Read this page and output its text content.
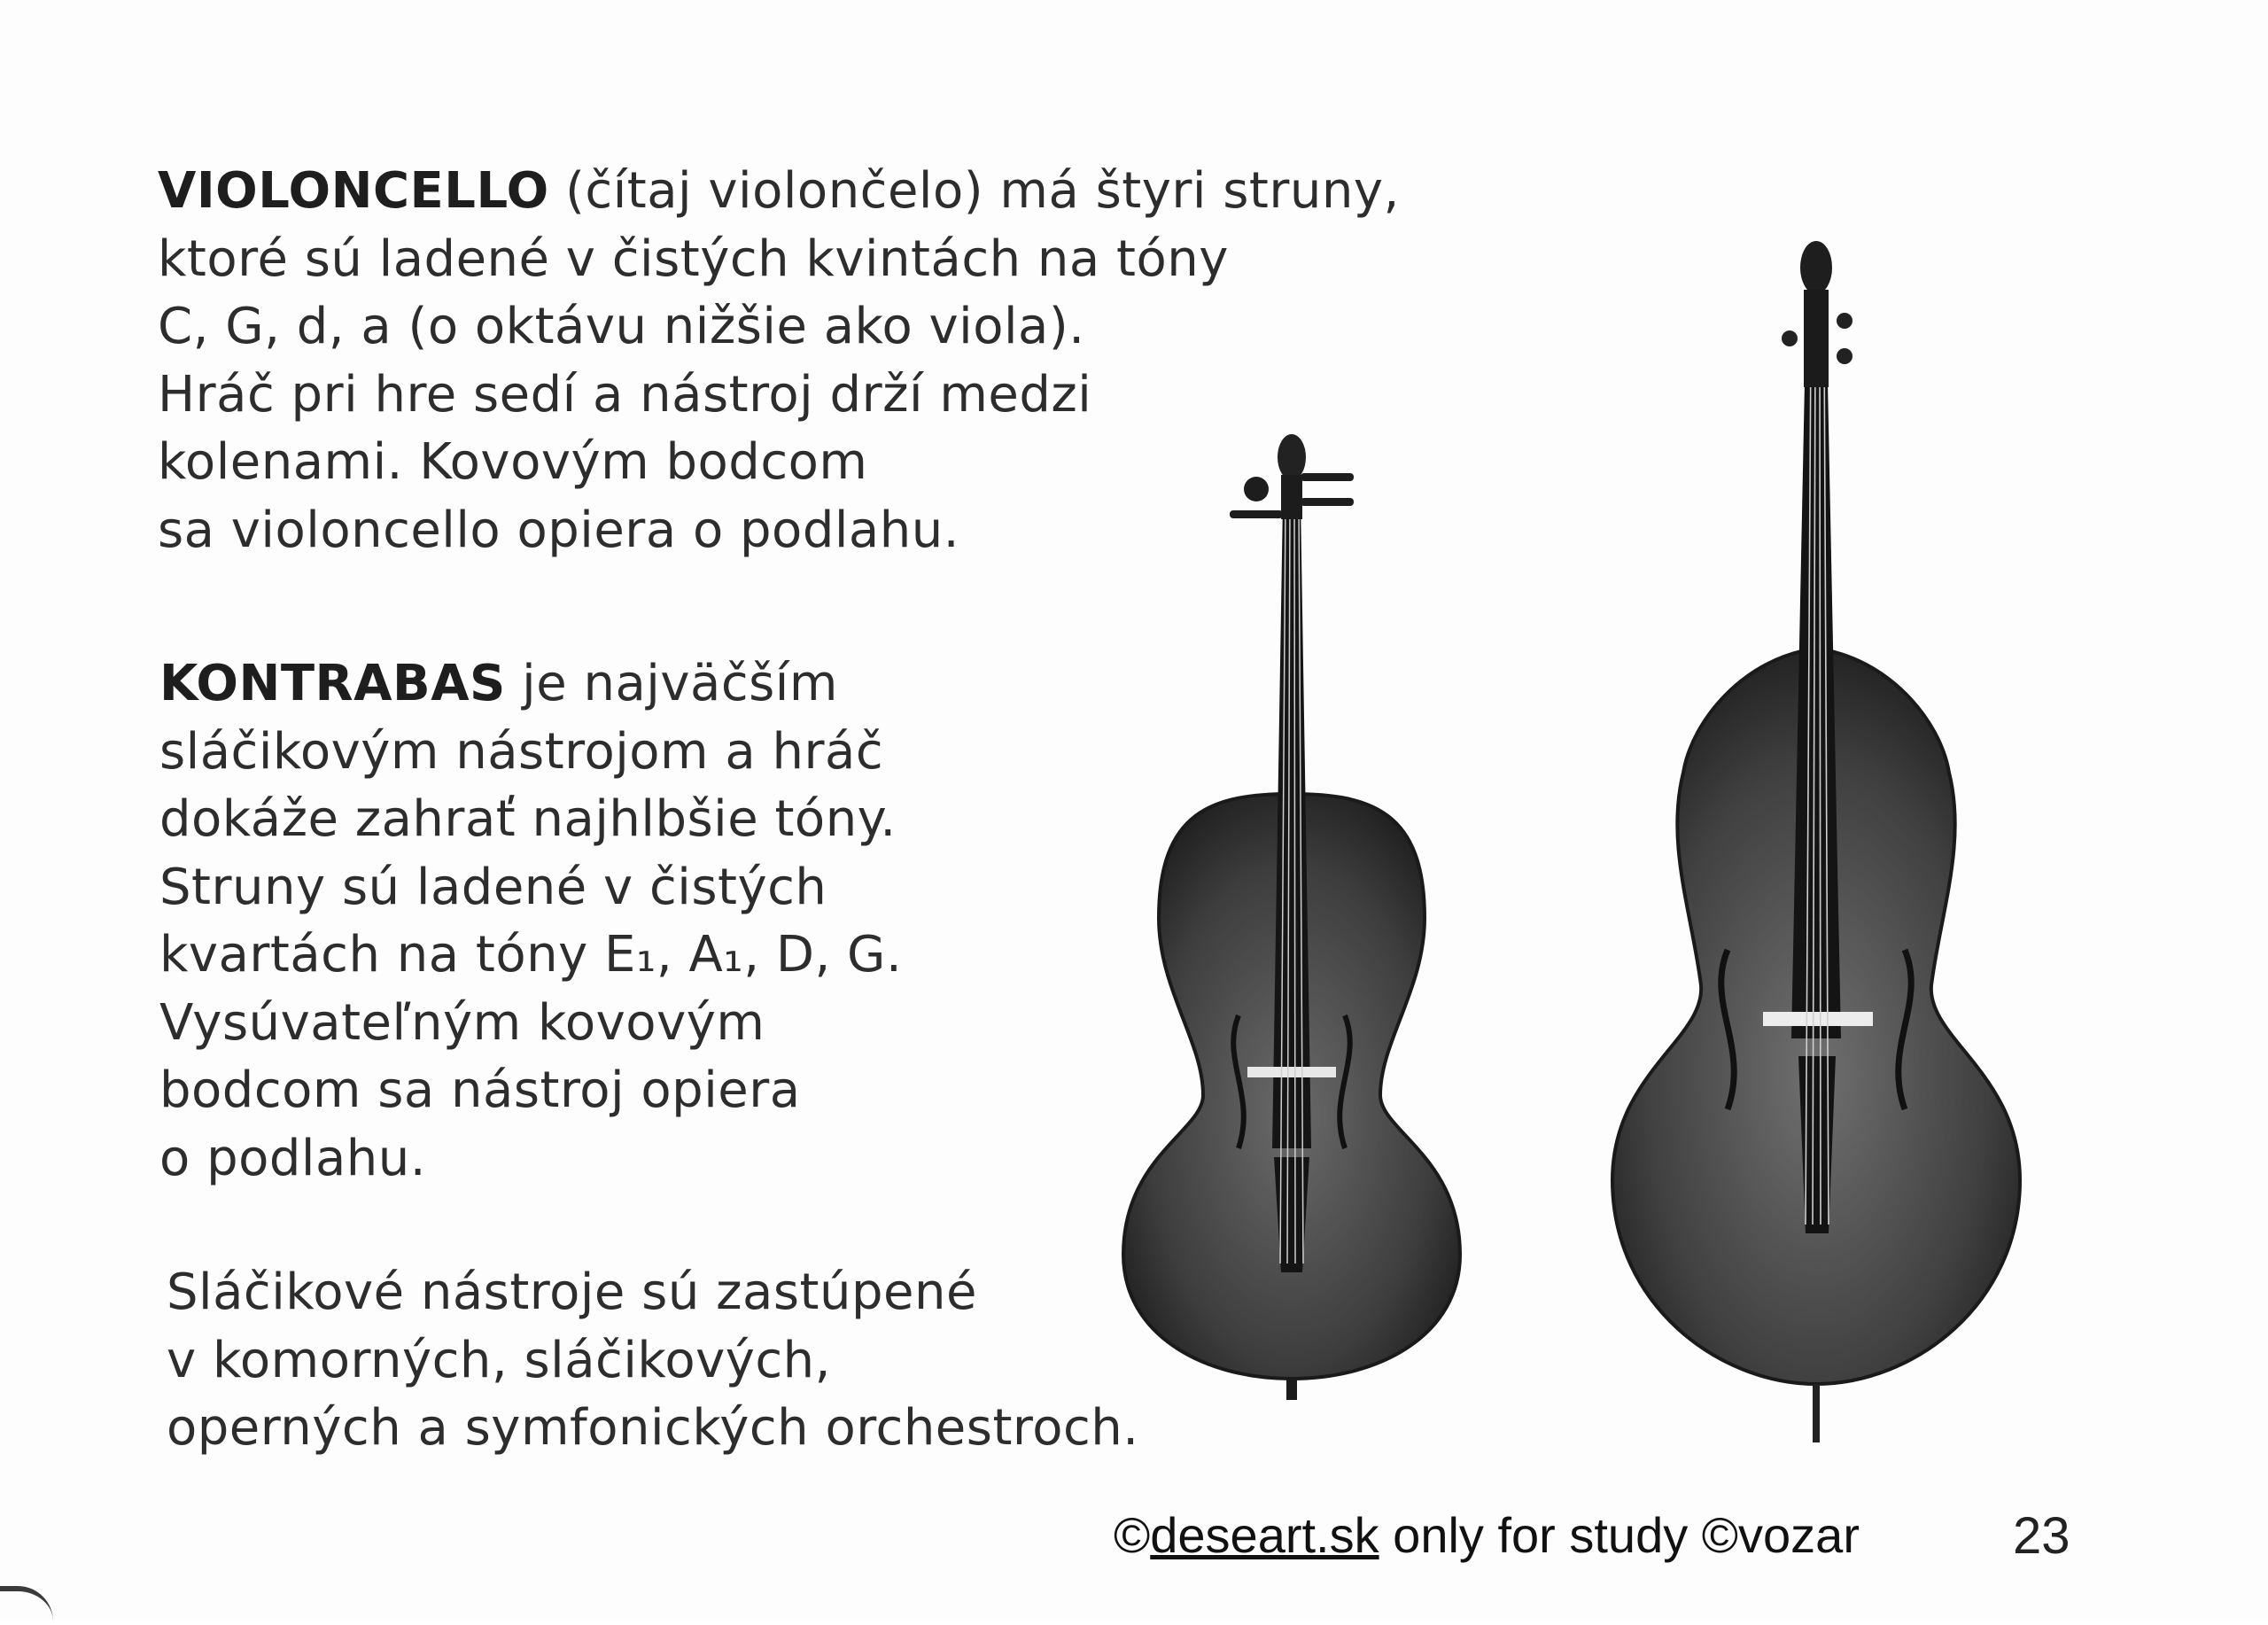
VIOLONCELLO (čítaj violončelo) má štyri struny,
ktoré sú ladené v čistých kvintách na tóny
C, G, d, a (o oktávu nižšie ako viola).
Hráč pri hre sedí a nástroj drží medzi
kolenami. Kovovým bodcom
sa violoncello opiera o podlahu.
KONTRABAS je najväčším
sláčikovým nástrojom a hráč
dokáže zahrať najhlbšie tóny.
Struny sú ladené v čistých
kvartách na tóny E₁, A₁, D, G.
Vysúvateľným kovovým
bodcom sa nástroj opiera
o podlahu.
Sláčikové nástroje sú zastúpené
v komorných, sláčikových,
operných a symfonických orchestroch.
©deseart.sk only for study ©vozar	23
